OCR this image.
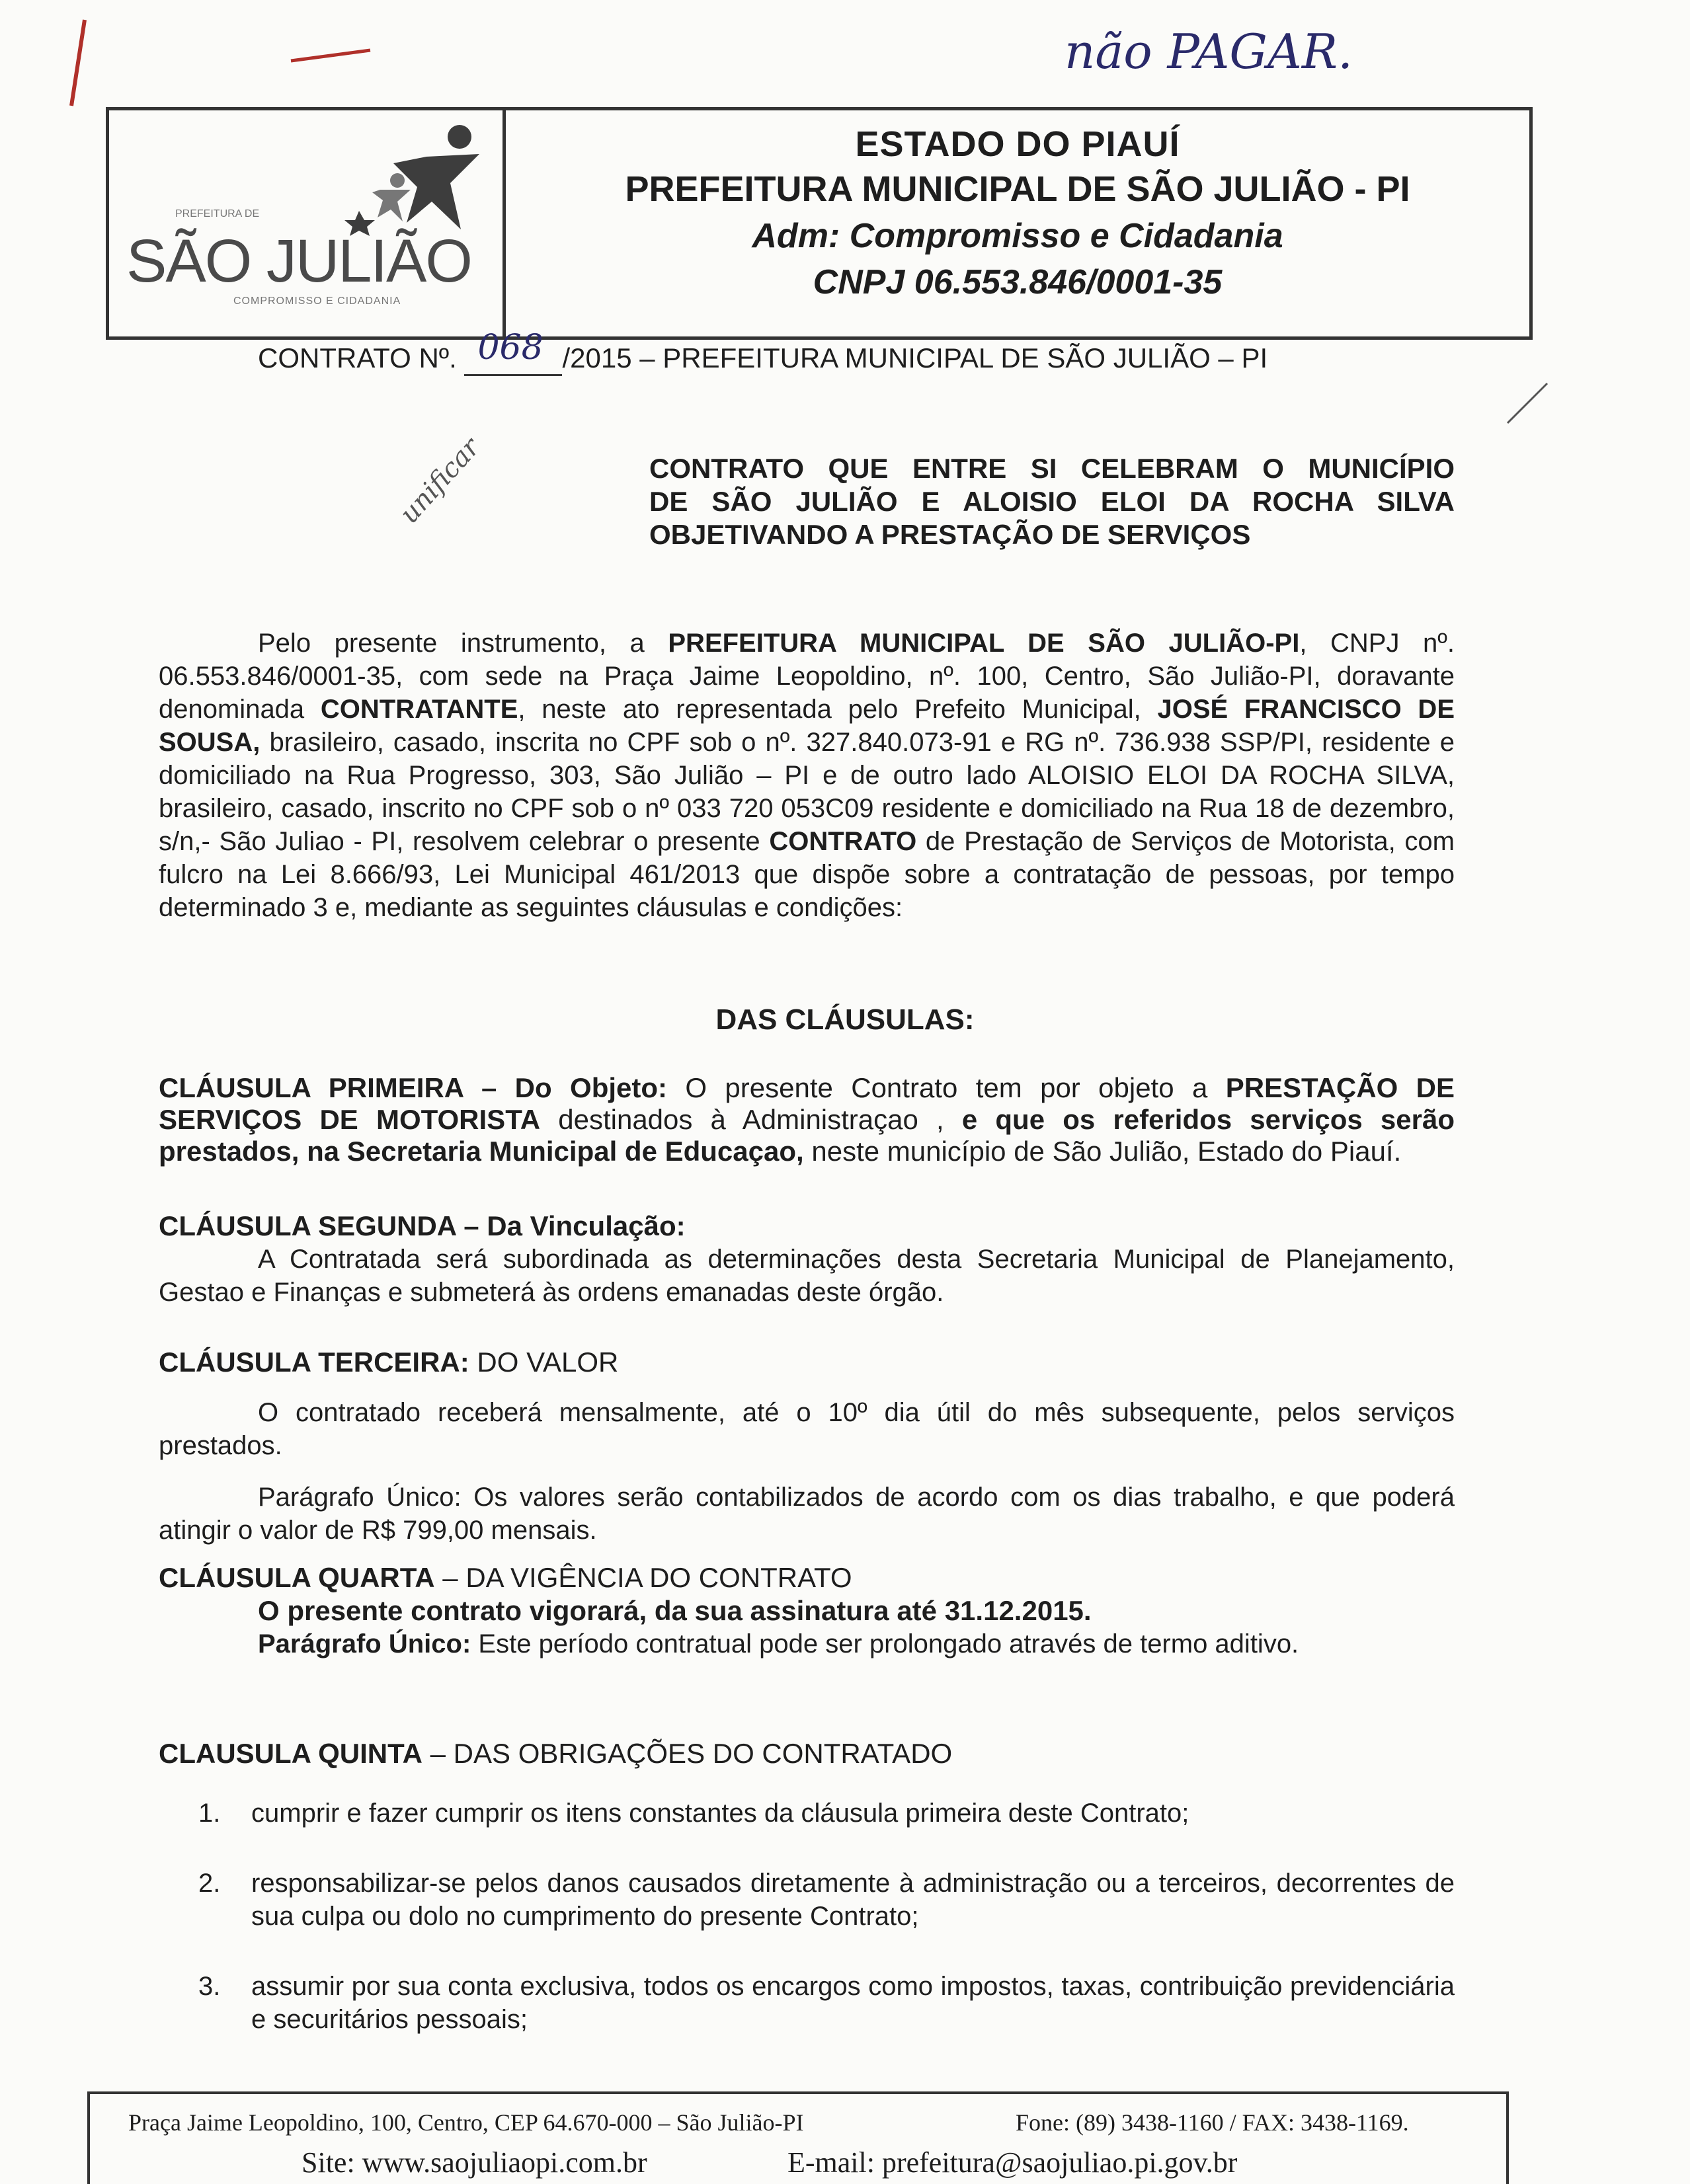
não PAGAR.
unificar
PREFEITURA DE
SÃO JULIÃO
COMPROMISSO E CIDADANIA
ESTADO DO PIAUÍ
PREFEITURA MUNICIPAL DE SÃO JULIÃO - PI
Adm: Compromisso e Cidadania
CNPJ 06.553.846/0001-35
CONTRATO Nº. 068 /2015 – PREFEITURA MUNICIPAL DE SÃO JULIÃO – PI
CONTRATO QUE ENTRE SI CELEBRAM O MUNICÍPIO
DE SÃO JULIÃO E ALOISIO ELOI DA ROCHA SILVA
OBJETIVANDO A PRESTAÇÃO DE SERVIÇOS
Pelo presente instrumento, a PREFEITURA MUNICIPAL DE SÃO JULIÃO-PI, CNPJ nº. 06.553.846/0001-35, com sede na Praça Jaime Leopoldino, nº. 100, Centro, São Julião-PI, doravante denominada CONTRATANTE, neste ato representada pelo Prefeito Municipal, JOSÉ FRANCISCO DE SOUSA, brasileiro, casado, inscrita no CPF sob o nº. 327.840.073-91 e RG nº. 736.938 SSP/PI, residente e domiciliado na Rua Progresso, 303, São Julião – PI e de outro lado ALOISIO ELOI DA ROCHA SILVA, brasileiro, casado, inscrito no CPF sob o nº 033 720 053C09 residente e domiciliado na Rua 18 de dezembro, s/n,- São Juliao - PI, resolvem celebrar o presente CONTRATO de Prestação de Serviços de Motorista, com fulcro na Lei 8.666/93, Lei Municipal 461/2013 que dispõe sobre a contratação de pessoas, por tempo determinado 3 e, mediante as seguintes cláusulas e condições:
DAS CLÁUSULAS:

CLÁUSULA PRIMEIRA – Do Objeto: O presente Contrato tem por objeto a PRESTAÇÃO DE SERVIÇOS DE MOTORISTA destinados à Administraçao , e que os referidos serviços serão prestados, na Secretaria Municipal de Educaçao, neste município de São Julião, Estado do Piauí.

CLÁUSULA SEGUNDA – Da Vinculação:

A Contratada será subordinada as determinações desta Secretaria Municipal de Planejamento, Gestao e Finanças e submeterá às ordens emanadas deste órgão.

CLÁUSULA TERCEIRA: DO VALOR

O contratado receberá mensalmente, até o 10º dia útil do mês subsequente, pelos serviços prestados.

Parágrafo Único: Os valores serão contabilizados de acordo com os dias trabalho, e que poderá atingir o valor de R$ 799,00 mensais.

CLÁUSULA QUARTA – DA VIGÊNCIA DO CONTRATO

O presente contrato vigorará, da sua assinatura até 31.12.2015.

Parágrafo Único: Este período contratual pode ser prolongado através de termo aditivo.

CLAUSULA QUINTA – DAS OBRIGAÇÕES DO CONTRATADO

1. cumprir e fazer cumprir os itens constantes da cláusula primeira deste Contrato;
2. responsabilizar-se pelos danos causados diretamente à administração ou a terceiros, decorrentes de sua culpa ou dolo no cumprimento do presente Contrato;
3. assumir por sua conta exclusiva, todos os encargos como impostos, taxas, contribuição previdenciária e securitários pessoais;
Praça Jaime Leopoldino, 100, Centro, CEP 64.670-000 – São Julião-PI	Fone: (89) 3438-1160 / FAX: 3438-1169.
Site: www.saojuliaopi.com.br	E-mail: prefeitura@saojuliao.pi.gov.br
